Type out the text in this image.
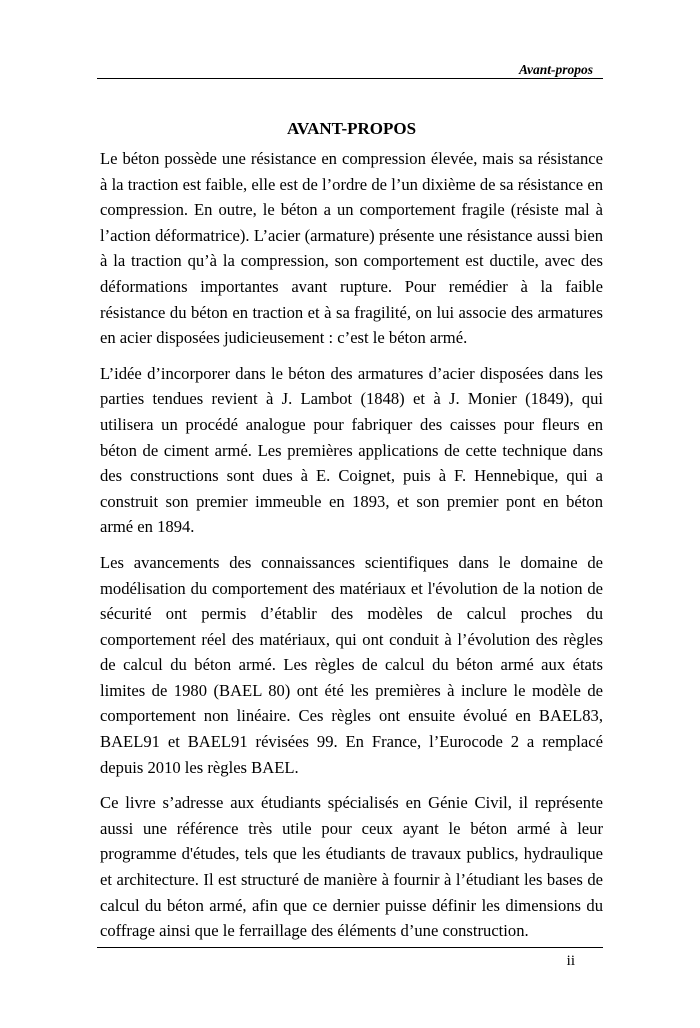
Avant-propos
AVANT-PROPOS

Le béton possède une résistance en compression élevée, mais sa résistance à la traction est faible, elle est de l’ordre de l’un dixième de sa résistance en compression. En outre, le béton a un comportement fragile (résiste mal à l’action déformatrice). L’acier (armature) présente une résistance aussi bien à la traction qu’à la compression, son comportement est ductile, avec des déformations importantes avant rupture. Pour remédier à la faible résistance du béton en traction et à sa fragilité, on lui associe des armatures en acier disposées judicieusement : c’est le béton armé.

L’idée d’incorporer dans le béton des armatures d’acier disposées dans les parties tendues revient à J. Lambot (1848) et à J. Monier (1849), qui utilisera un procédé analogue pour fabriquer des caisses pour fleurs en béton de ciment armé. Les premières applications de cette technique dans des constructions sont dues à E. Coignet, puis à F. Hennebique, qui a construit son premier immeuble en 1893, et son premier pont en béton armé en 1894.

Les avancements des connaissances scientifiques dans le domaine de modélisation du comportement des matériaux et l'évolution de la notion de sécurité ont permis d’établir des modèles de calcul proches du comportement réel des matériaux, qui ont conduit à l’évolution des règles de calcul du béton armé. Les règles de calcul du béton armé aux états limites de 1980 (BAEL 80) ont été les premières à inclure le modèle de comportement non linéaire. Ces règles ont ensuite évolué en BAEL83, BAEL91 et BAEL91 révisées 99. En France, l’Eurocode 2 a remplacé depuis 2010 les règles BAEL.

Ce livre s’adresse aux étudiants spécialisés en Génie Civil, il représente aussi une référence très utile pour ceux ayant le béton armé à leur programme d'études, tels que les étudiants de travaux publics, hydraulique et architecture. Il est structuré de manière à fournir à l’étudiant les bases de calcul du béton armé, afin que ce dernier puisse définir les dimensions du coffrage ainsi que le ferraillage des éléments d’une construction.

ii
